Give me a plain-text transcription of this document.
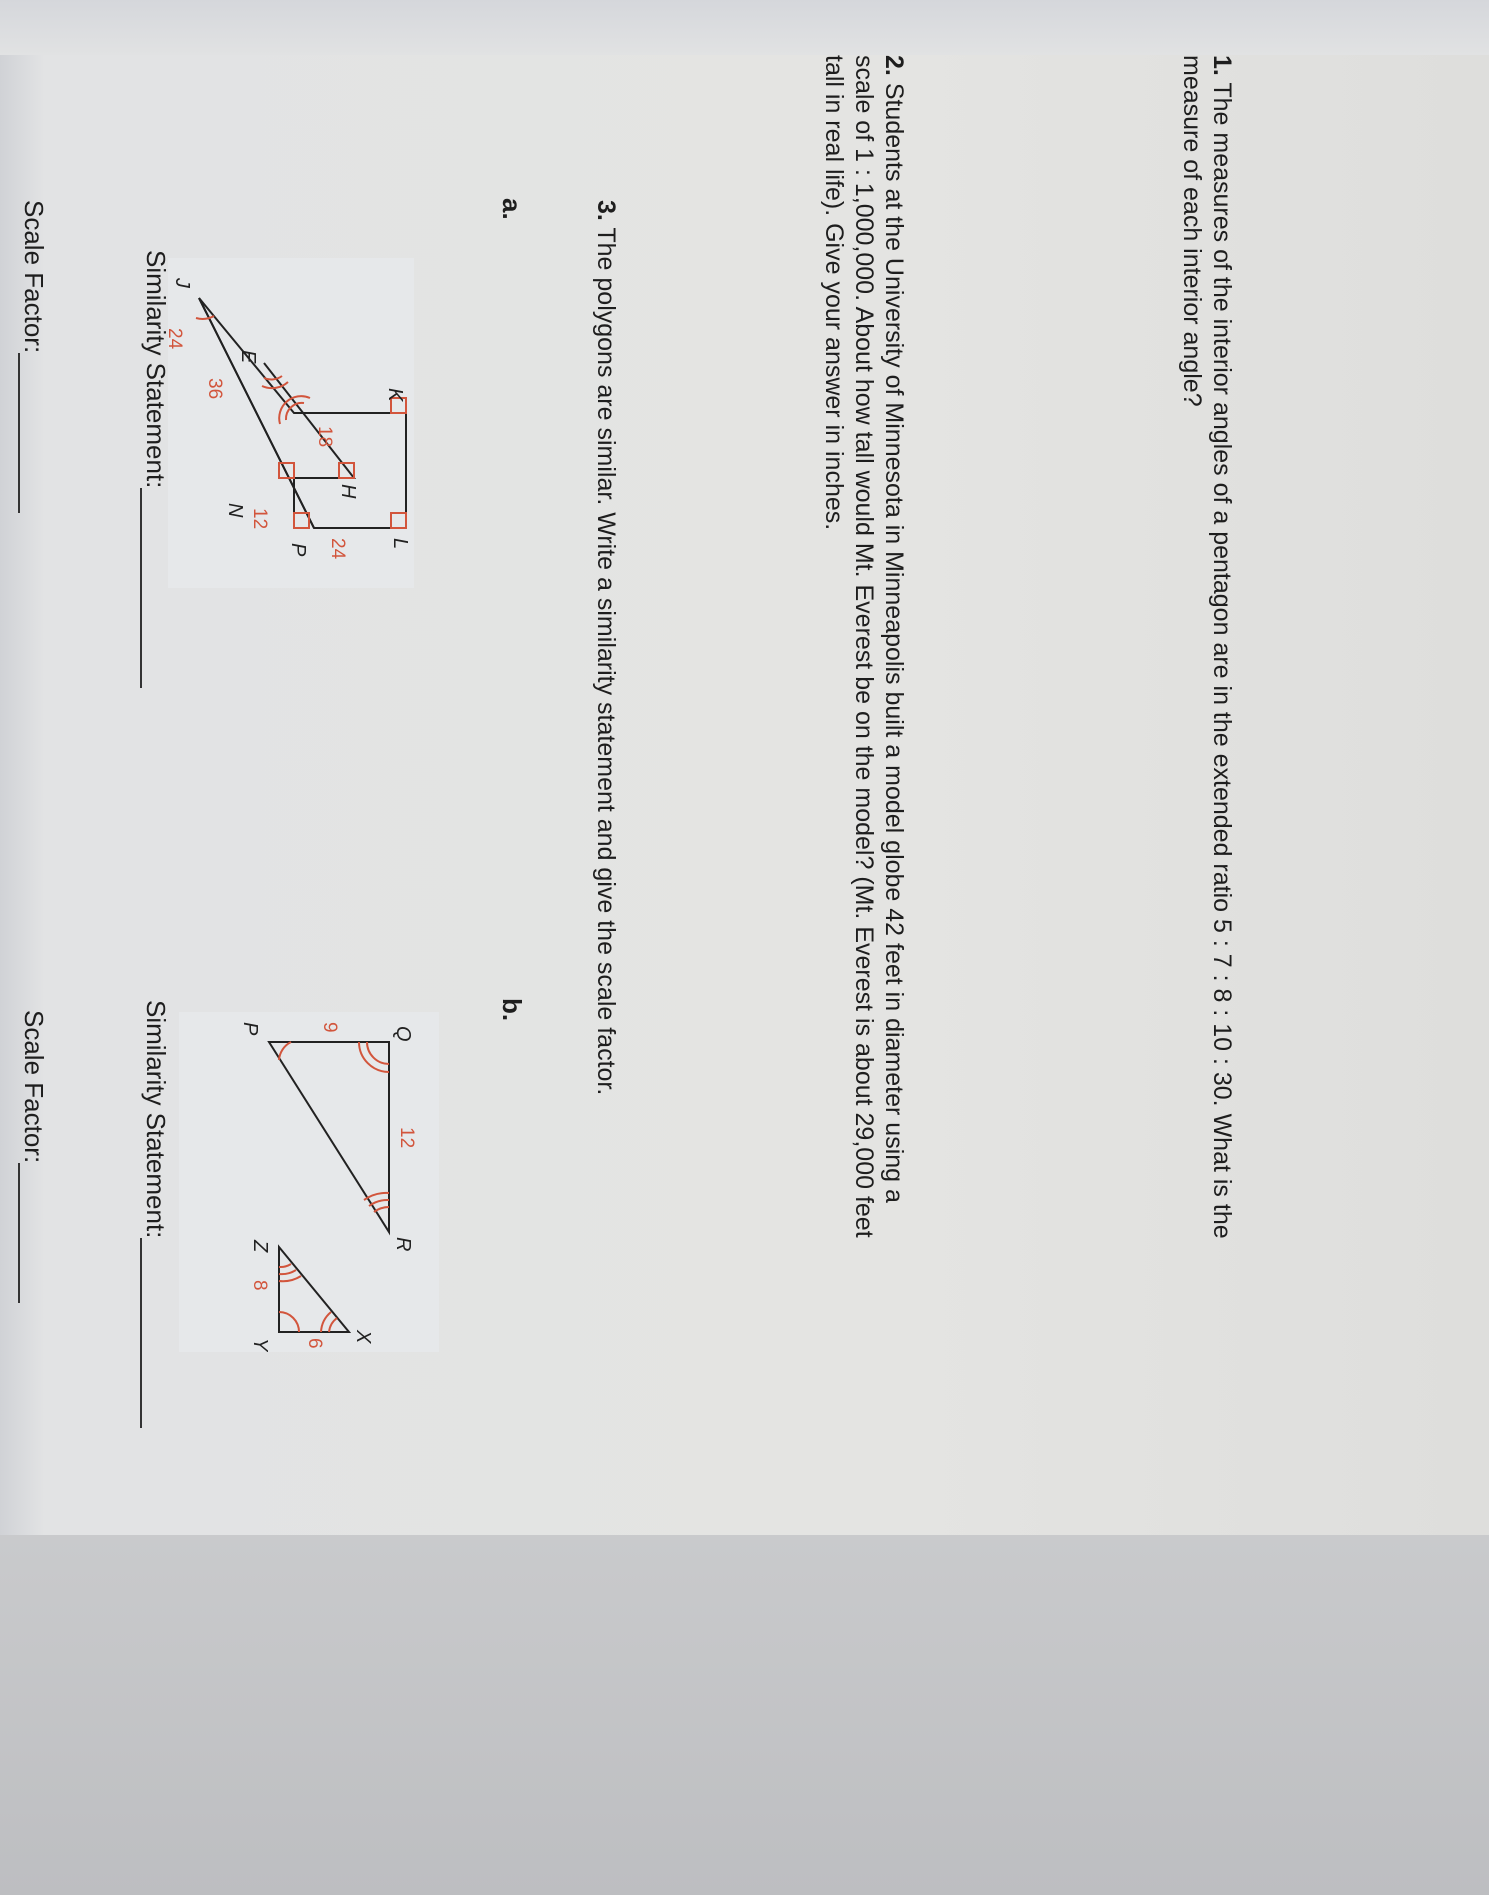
1. The measures of the interior angles of a pentagon are in the extended ratio 5 : 7 : 8 : 10 : 30. What is the measure of each interior angle?
2. Students at the University of Minnesota in Minneapolis built a model globe 42 feet in diameter using a scale of 1 : 1,000,000. About how tall would Mt. Everest be on the model? (Mt. Everest is about 29,000 feet tall in real life). Give your answer in inches.
3. The polygons are similar. Write a similarity statement and give the scale factor.
a.
24
18
24
36
12
K
L
E
H
J
N
P
Similarity Statement:
Scale Factor:
b.
12
9
8
6
Q
R
P
Z
X
Y
Similarity Statement:
Scale Factor:
